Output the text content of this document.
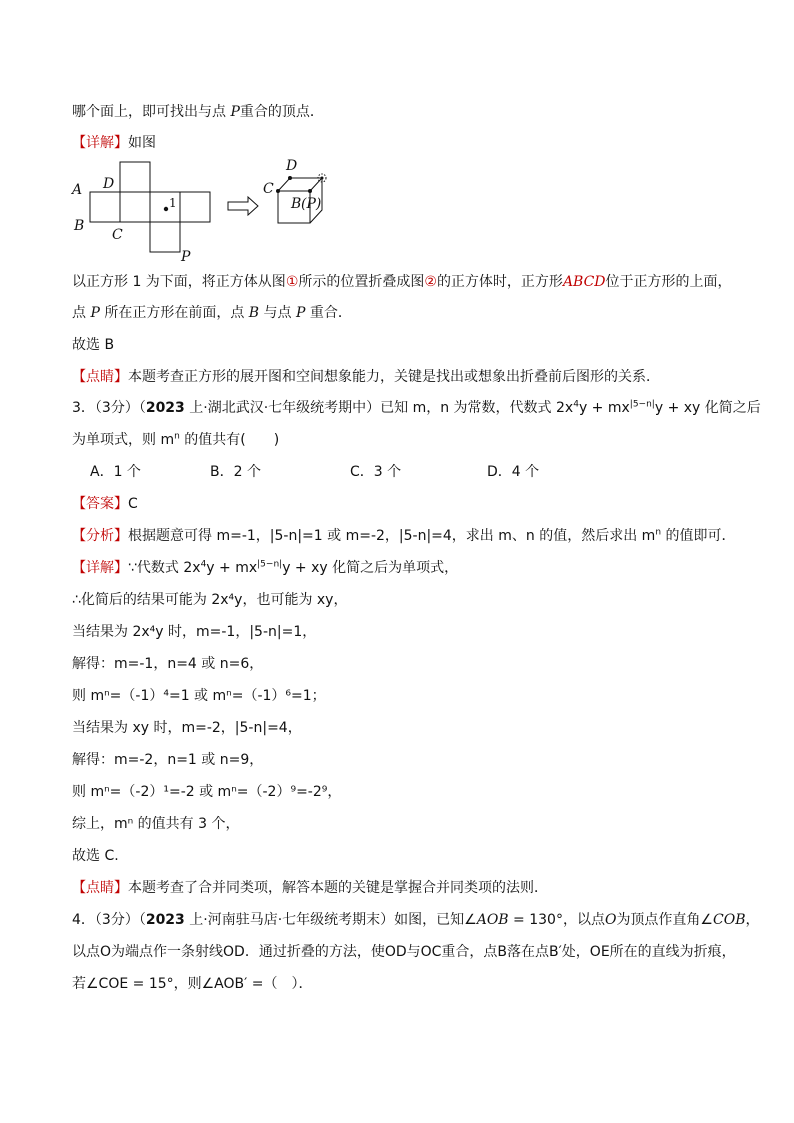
哪个面上，即可找出与点 P重合的顶点．
【详解】如图
A D
B
C
1
P
D
C
B (P)
以正方形 1 为下面，将正方体从图①所示的位置折叠成图②的正方体时，正方形ABCD位于正方形的上面，
点 P 所在正方形在前面，点 B 与点 P 重合．
故选 B
【点睛】本题考查正方形的展开图和空间想象能力，关键是找出或想象出折叠前后图形的关系．
3．（3分）（2023 上·湖北武汉·七年级统考期中）已知 m，n 为常数，代数式 $2x^4y + mx^{|5-n|}y$ + xy 化简之后
为单项式，则 $m^n$ 的值共有(　　)
A．1 个	B．2 个	C．3 个	D．4 个
【答案】C
【分析】根据题意可得 m=-1，|5-n|=1 或 m=-2，|5-n|=4，求出 m、n 的值，然后求出 $m^n$ 的值即可．
【详解】∵代数式 $2x^4y + mx^{|5-n|}y$ + xy 化简之后为单项式，
∴化简后的结果可能为 2x⁴y，也可能为 xy，
当结果为 2x⁴y 时，m=-1，|5-n|=1，
解得：m=-1，n=4 或 n=6，
则 mⁿ=（-1）⁴=1 或 mⁿ=（-1）⁶=1；
当结果为 xy 时，m=-2，|5-n|=4，
解得：m=-2，n=1 或 n=9，
则 mⁿ=（-2）¹=-2 或 mⁿ=（-2）⁹=-2⁹，
综上，mⁿ 的值共有 3 个，
故选 C.
【点睛】本题考查了合并同类项，解答本题的关键是掌握合并同类项的法则．
4．（3分）（2023 上·河南驻马店·七年级统考期末）如图，已知∠AOB = 130°，以点O为顶点作直角∠COB，
以点O为端点作一条射线OD．通过折叠的方法，使OD与OC重合，点B落在点B′处，OE所在的直线为折痕，
若∠COE = 15°，则∠AOB′ =（　）．
